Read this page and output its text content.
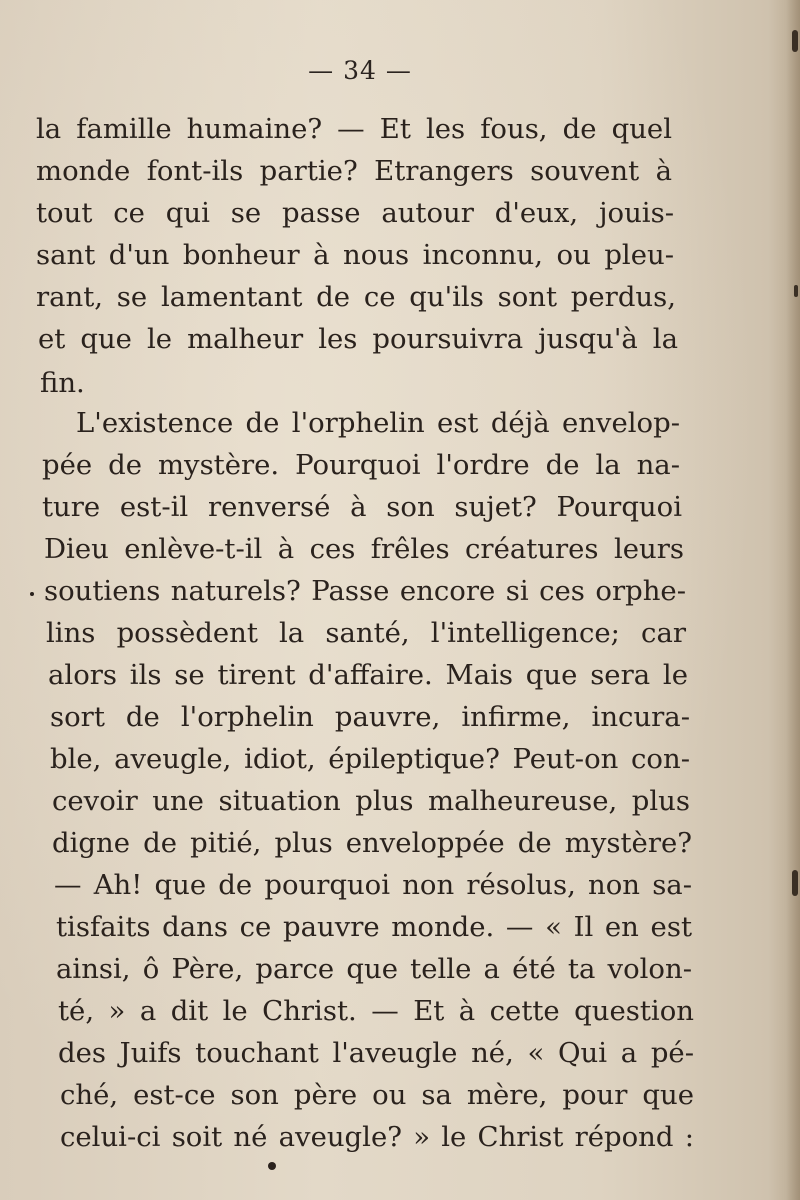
— 34 —
la famille humaine? — Et les fous, de quel
monde font-ils partie? Etrangers souvent à
tout ce qui se passe autour d'eux, jouis-
sant d'un bonheur à nous inconnu, ou pleu-
rant, se lamentant de ce qu'ils sont perdus,
et que le malheur les poursuivra jusqu'à la
fin.
L'existence de l'orphelin est déjà envelop-
pée de mystère. Pourquoi l'ordre de la na-
ture est-il renversé à son sujet? Pourquoi
Dieu enlève-t-il à ces frêles créatures leurs
soutiens naturels? Passe encore si ces orphe-
lins possèdent la santé, l'intelligence; car
alors ils se tirent d'affaire. Mais que sera le
sort de l'orphelin pauvre, infirme, incura-
ble, aveugle, idiot, épileptique? Peut-on con-
cevoir une situation plus malheureuse, plus
digne de pitié, plus enveloppée de mystère?
— Ah! que de pourquoi non résolus, non sa-
tisfaits dans ce pauvre monde. — « Il en est
ainsi, ô Père, parce que telle a été ta volon-
té, » a dit le Christ. — Et à cette question
des Juifs touchant l'aveugle né, « Qui a pé-
ché, est-ce son père ou sa mère, pour que
celui-ci soit né aveugle? » le Christ répond :
